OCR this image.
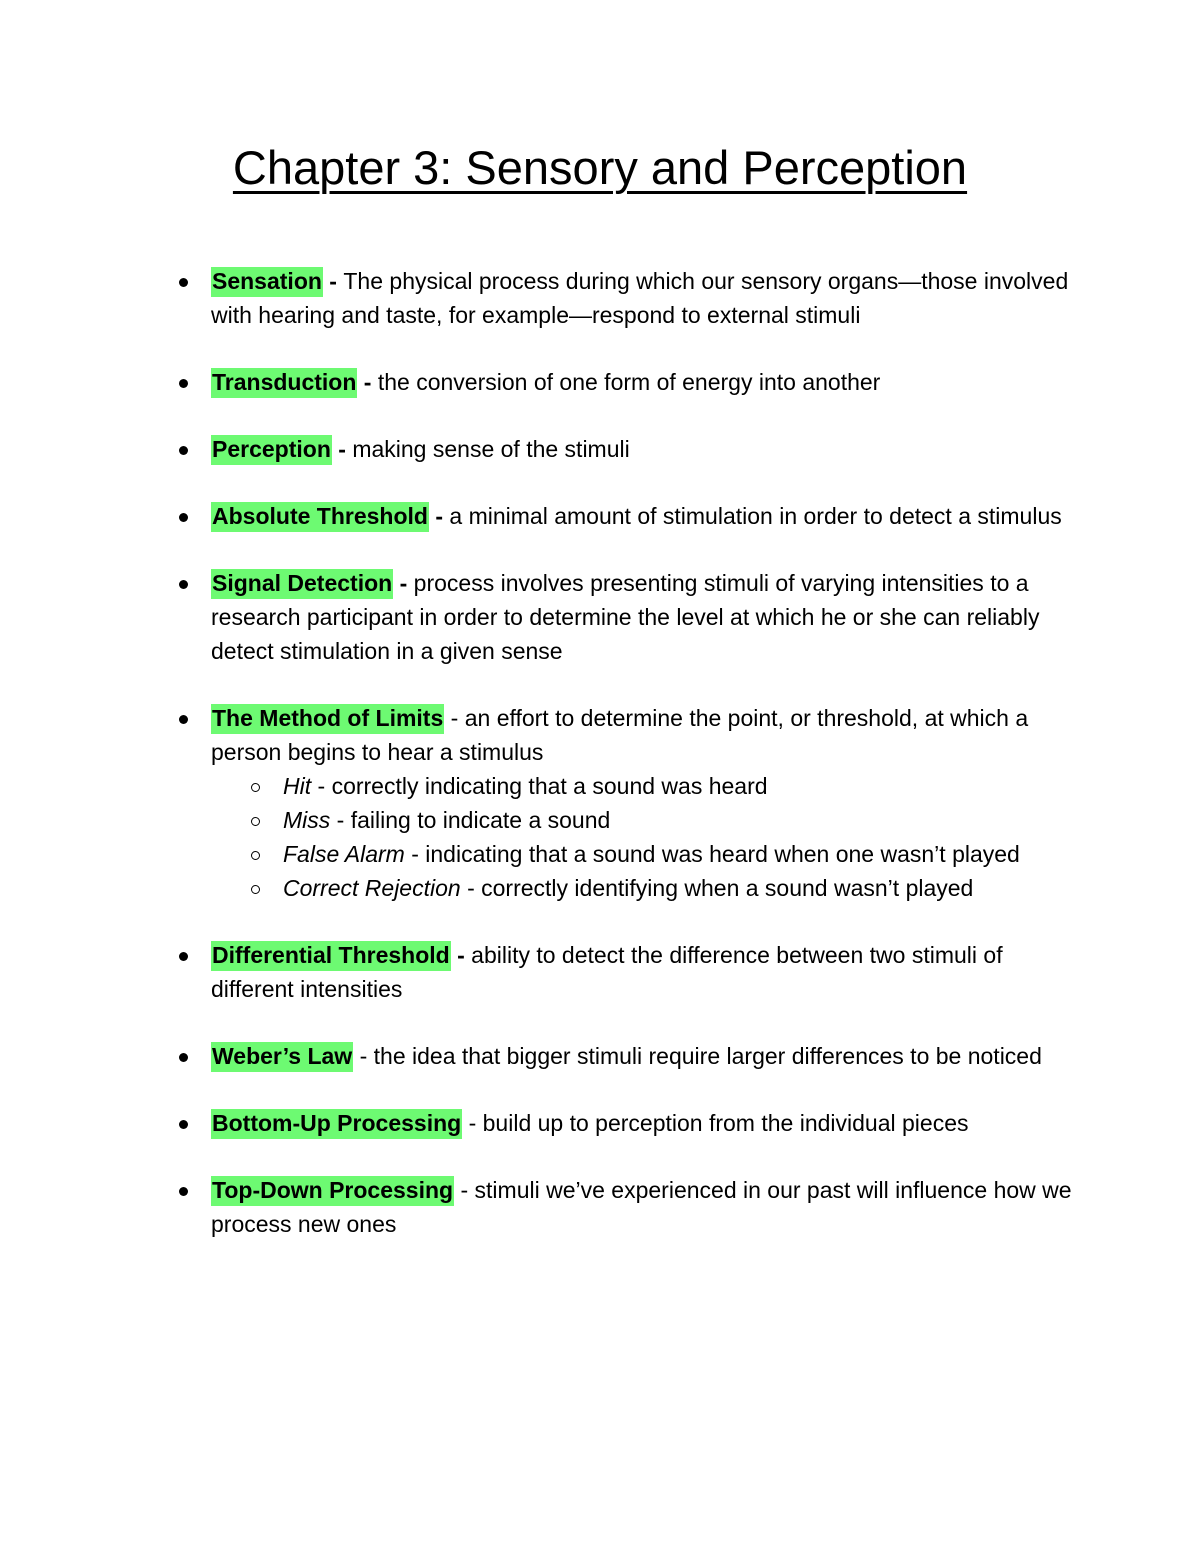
Chapter 3: Sensory and Perception
Sensation - The physical process during which our sensory organs—those involved with hearing and taste, for example—respond to external stimuli
Transduction - the conversion of one form of energy into another
Perception - making sense of the stimuli
Absolute Threshold - a minimal amount of stimulation in order to detect a stimulus
Signal Detection - process involves presenting stimuli of varying intensities to a research participant in order to determine the level at which he or she can reliably detect stimulation in a given sense
The Method of Limits - an effort to determine the point, or threshold, at which a person begins to hear a stimulus
Hit - correctly indicating that a sound was heard
Miss - failing to indicate a sound
False Alarm - indicating that a sound was heard when one wasn’t played
Correct Rejection - correctly identifying when a sound wasn’t played
Differential Threshold - ability to detect the difference between two stimuli of different intensities
Weber’s Law - the idea that bigger stimuli require larger differences to be noticed
Bottom-Up Processing - build up to perception from the individual pieces
Top-Down Processing - stimuli we’ve experienced in our past will influence how we process new ones
